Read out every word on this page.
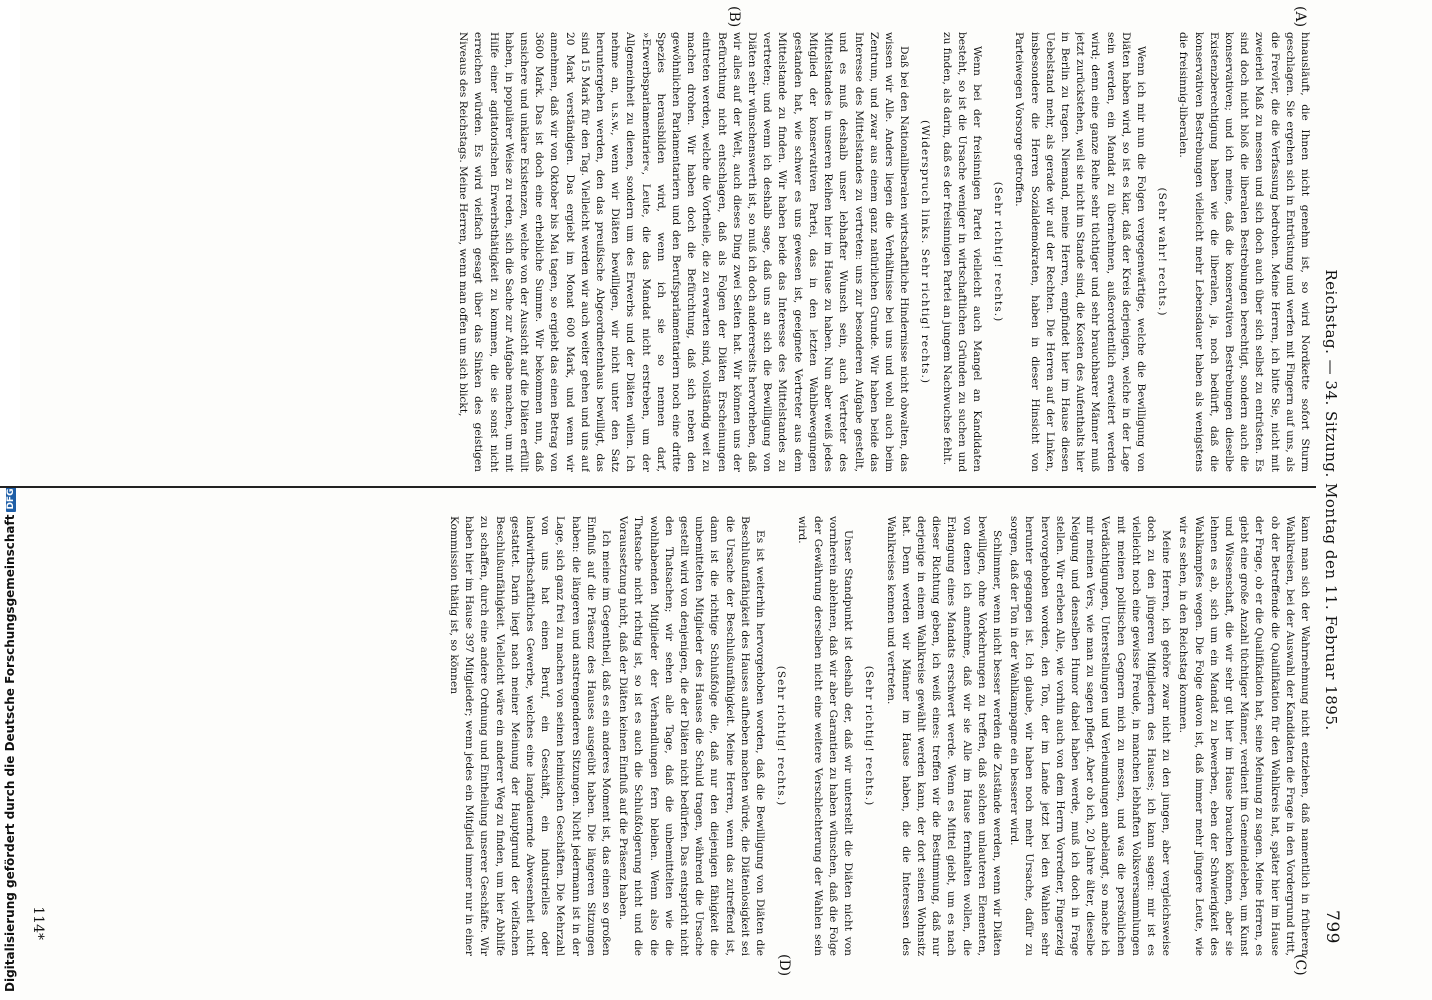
Digitalisierung gefördert durch die Deutsche ForschungsgemeinschaftDFG	Reichstag. — 34. Sitzung. Montag den 11. Februar 1895.
799
(A)
(B)
(C)
(D)

hinausläuft, die Ihnen nicht genehm ist, so wird Nordkette sofort Sturm geschlagen. Sie ergehen sich in Entrüstung und werfen mit Fingern auf uns, als die Frevler, die die Verfassung bedrohen. Meine Herren, ich bitte Sie, nicht mit zweierlei Maß zu messen und sich doch auch über sich selbst zu entrüsten. Es sind doch nicht bloß die liberalen Bestrebungen berechtigt, sondern auch die konservativen; und ich meine, daß die konservativen Bestrebungen dieselbe Existenzberechtigung haben wie die liberalen, ja, noch bedürft, daß die konservativen Bestrebungen vielleicht mehr Lebensdauer haben als wenigstens die freisinnig-liberalen.

(Sehr wahr! rechts.)

Wenn ich mir nun die Folgen vergegenwärtige, welche die Bewilligung von Diäten haben wird, so ist es klar, daß der Kreis derjenigen, welche in der Lage sein werden, ein Mandat zu übernehmen, außerordentlich erweitert werden wird; denn eine ganze Reihe sehr tüchtiger und sehr brauchbarer Männer muß jetzt zurückstehen, weil sie nicht im Stande sind, die Kosten des Aufenthalts hier in Berlin zu tragen. Niemand, meine Herren, empfindet hier im Hause diesen Uebelstand mehr, als gerade wir auf der Rechten. Die Herren auf der Linken, insbesondere die Herren Sozialdemokraten, haben in dieser Hinsicht von Parteiwegen Vorsorge getroffen.

(Sehr richtig! rechts.)

Wenn bei der freisinnigen Partei vielleicht auch Mangel an Kandidaten besteht, so ist die Ursache weniger in wirtschaftlichen Gründen zu suchen und zu finden, als darin, daß es der freisinnigen Partei an jungem Nachwuchse fehlt.

(Widerspruch links. Sehr richtig! rechts.)

Daß bei den Nationalliberalen wirtschaftliche Hindernisse nicht obwalten, das wissen wir Alle. Anders liegen die Verhältnisse bei uns und wohl auch beim Zentrum, und zwar aus einem ganz natürlichen Grunde. Wir haben beide das Interesse des Mittelstandes zu vertreten: uns zur besonderen Aufgabe gestellt, und es muß deshalb unser lebhafter Wunsch sein, auch Vertreter des Mittelstandes in unseren Reihen hier im Hause zu haben. Nun aber weiß jedes Mitglied der konservativen Partei, das in den letzten Wahlbewegungen gestanden hat, wie schwer es uns gewesen ist, geeignete Vertreter aus dem Mittelstande zu finden. Wir haben beide das Interesse des Mittelstandes zu vertreten; und wenn ich deshalb sage, daß uns an sich die Bewilligung von Diäten sehr wünschenswerth ist, so muß ich doch andererseits hervorheben, daß wir alles auf der Welt, auch dieses Ding zwei Seiten hat. Wir können uns der Befürchtung nicht entschlagen, daß als Folgen der Diäten Erscheinungen eintreten werden, welche die Vortheile, die zu erwarten sind, vollständig weit zu machen drohen. Wir haben doch die Befürchtung, daß sich neben den gewöhnlichen Parlamentariern und den Berufsparlamentariern noch eine dritte Spezies herausbilden wird, wenn ich sie so nennen darf, »Erwerbsparlamentarier«, Leute, die das Mandat nicht erstreben, um der Allgemeinheit zu dienen, sondern um des Erwerbs und der Diäten willen. Ich nehme an, u.s.w., wenn wir Diäten bewilligen, wir nicht unter den Satz heruntergehen werden, den das preußische Abgeordnetenhaus bewilligt, das sind 15 Mark für den Tag. Vielleicht werden wir auch weiter gehen und uns auf 20 Mark verständigen. Das ergiebt im Monat 600 Mark, und wenn wir annehmen, daß wir von Oktober bis Mai tagen, so ergiebt das einen Betrag von 3600 Mark. Das ist doch eine erhebliche Summe. Wir bekommen nun, daß unsichere und unklare Existenzen, welche von der Aussicht auf die Diäten erfüllt haben, in populärer Weise zu reden, sich die Sache zur Aufgabe machen, um mit Hilfe einer agitatorischen Erwerbsthätigkeit zu kommen, die sie sonst nicht erreichen würden. Es wird vielfach gesagt über das Sinken des geistigen Niveaus des Reichstags. Meine Herren, wenn man offen um sich blickt,

kann man sich der Wahrnehmung nicht entziehen, daß namentlich in früheren Wahlkreisen, bei der Auswahl der Kandidaten die Frage in den Vordergrund tritt, ob der Betreffende die Qualifikation für den Wahlkreis hat, später hier im Hause der Frage, ob er die Qualifikation hat, seine Meinung zu sagen. Meine Herren, es giebt eine große Anzahl tüchtiger Männer, verdient im Gemeindeleben, um Kunst und Wissenschaft, die wir sehr gut hier im Hause brauchen können, aber sie lehnen es ab, sich um ein Mandat zu bewerben, eben der Schwierigkeit des Wahlkampfes wegen. Die Folge davon ist, daß immer mehr jüngere Leute, wie wir es sehen, in den Reichstag kommen.

Meine Herren, ich gehöre zwar nicht zu den jungen, aber vergleichsweise doch zu den jüngeren Mitgliedern des Hauses; ich kann sagen: mir ist es vielleicht noch eine gewisse Freude, in manchen lebhaften Volksversammlungen mit meinen politischen Gegnern mich zu messen, und was die persönlichen Verdächtigungen, Unterstellungen und Verleumdungen anbelangt, so mache ich mir meinen Vers, wie man zu sagen pflegt. Aber ob ich, 20 Jahre älter, dieselbe Neigung und denselben Humor dabei haben werde, muß ich doch in Frage stellen. Wir erleben Alle, wie vorhin auch von dem Herrn Vorredner, Fingerzeig hervorgehoben worden, den Ton, der im Lande jetzt bei den Wahlen sehr herunter gegangen ist. Ich glaube, wir haben noch mehr Ursache, dafür zu sorgen, daß der Ton in der Wahlkampagne ein besserer wird.

Schlimmer, wenn nicht besser werden die Zustände werden, wenn wir Diäten bewilligen, ohne Vorkehrungen zu treffen, daß solchen unlauteren Elementen, von denen ich annehme, daß wir sie Alle im Hause fernhalten wollen, die Erlangung eines Mandats erschwert werde. Wenn es Mittel giebt, um es nach dieser Richtung geben, ich weiß eines: treffen wir die Bestimmung, daß nur derjenige in einem Wahlkreise gewählt werden kann, der dort seinen Wohnsitz hat. Denn werden wir Männer im Hause haben, die die Interessen des Wahlkreises kennen und vertreten.

(Sehr richtig! rechts.)

Unser Standpunkt ist deshalb der, daß wir unterstellt die Diäten nicht von vornherein ablehnen, daß wir aber Garantien zu haben wünschen, daß die Folge der Gewährung derselben nicht eine weitere Verschlechterung der Wahlen sein wird.

(Sehr richtig! rechts.)

Es ist weiterhin hervorgehoben worden, daß die Bewilligung von Diäten die Beschlußunfähigkeit des Hauses aufheben machen würde, die Diätenlosigkeit sei die Ursache der Beschlußunfähigkeit. Meine Herren, wenn das zutreffend ist, dann ist die richtige Schlußfolge die, daß nur den diejenigen fähigkeit die unbemittelten Mitglieder des Hauses die Schuld tragen, während die Ursache gestellt wird von denjenigen, die der Diäten nicht bedürfen. Das entspricht nicht den Thatsachen; wir sehen alle Tage, daß die unbemittelten wie die wohlhabenden Mitglieder der Verhandlungen fern bleiben. Wenn also die Thatsache nicht richtig ist, so ist es auch die Schlußfolgerung nicht und die Voraussetzung nicht, daß der Diäten keinen Einfluß auf die Präsenz haben.

Ich meine im Gegentheil, daß es ein anderes Moment ist, das einen so großen Einfluß auf die Präsenz des Hauses ausgeübt haben. Die längeren Sitzungen haben: die längeren und anstrengenderen Sitzungen. Nicht jedermann ist in der Lage, sich ganz frei zu machen von seinen heimischen Geschäften. Die Mehrzahl von uns hat einen Beruf, ein Geschäft, ein industrielles oder landwirthschaftliches Gewerbe, welches eine langdauernde Abwesenheit nicht gestattet. Darin liegt nach meiner Meinung der Hauptgrund der vielfachen Beschlußunfähigkeit. Vielleicht wäre ein anderer Weg zu finden, um hier Abhilfe zu schaffen, durch eine andere Ordnung und Eintheilung unserer Geschäfte. Wir haben hier im Hause 397 Mitglieder; wenn jedes ein Mitglied immer nur in einer Kommission thätig ist, so können

114*
